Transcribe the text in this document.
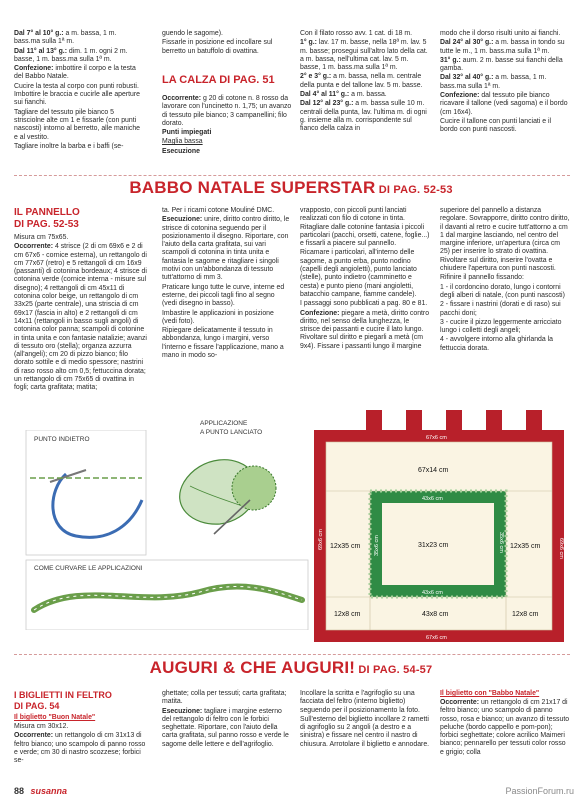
Dal 7° al 10° g.: a m. bassa, 1 m. bass.ma sulla 1ª m.

Dal 11° al 13° g.: dim. 1 m. ogni 2 m. basse, 1 m. bass.ma sulla 1ª m.

Confezione: imbottire il corpo e la testa del Babbo Natale.

Cucire la testa al corpo con punti robusti. Imbottire le braccia e cucirle alle aperture sui fianchi.

Tagliare del tessuto pile bianco 5 strisciolne alte cm 1 e fissarle (con punti nascosti) intorno al berretto, alle maniche e al vestito.

Tagliare inoltre la barba e i baffi (se-

guendo le sagome).

Fissarle in posizione ed incollare sul berretto un batuffolo di ovattina.

LA CALZA DI PAG. 51

Occorrente: g 20 di cotone n. 8 rosso da lavorare con l'uncinetto n. 1,75; un avanzo di tessuto pile bianco; 3 campanellini; filo dorato.

Punti impiegati

Maglia bassa

Esecuzione

Con il filato rosso avv. 1 cat. di 18 m.

1° g.: lav. 17 m. basse, nella 18ª m. lav. 5 m. basse; prosegui sull'altro lato della cat. a m. bassa, nell'ultima cat. lav. 5 m. basse, 1 m. bass.ma sulla 1ª m.

2° e 3° g.: a m. bassa, nella m. centrale della punta e del tallone lav. 5 m. basse.

Dal 4° al 11° g.: a m. bassa.

Dal 12° al 23° g.: a m. bassa sulle 10 m. centrali della punta, lav. l'ultima m. di ogni g. insieme alla m. corrispondente sul fianco della calza in

modo che il dorso risulti unito ai fianchi.

Dal 24° al 30° g.: a m. bassa in tondo su tutte le m., 1 m. bass.ma sulla 1ª m.

31° g.: aum. 2 m. basse sui fianchi della gamba.

Dal 32° al 40° g.: a m. bassa, 1 m. bass.ma sulla 1ª m.

Confezione: dal tessuto pile bianco ricavare il tallone (vedi sagoma) e il bordo (cm 16x4).

Cucire il tallone con punti lanciati e il bordo con punti nascosti.

BABBO NATALE SUPERSTAR DI PAG. 52-53
IL PANNELLO
DI PAG. 52-53

Misura cm 75x65.

Occorrente: 4 strisce (2 di cm 69x6 e 2 di cm 67x6 - cornice esterna), un rettangolo di cm 77x67 (retro) e 5 rettangoli di cm 16x9 (passanti) di cotonina bordeaux; 4 strisce di cotonina verde (cornice interna - misure sul disegno); 4 rettangoli di cm 45x11 di cotonina color beige, un rettangolo di cm 33x25 (parte centrale), una striscia di cm 69x17 (fascia in alto) e 2 rettangoli di cm 14x11 (rettangoli in basso sugli angoli) di cotonina color panna; scampoli di cotonine in tinta unita e con fantasie natalizie; avanzi di tessuto oro (stella); organza azzurra (all'angeli); cm 20 di pizzo bianco; filo dorato sottile e di medio spessore; nastrini di raso rosso alto cm 0,5; fettuccina dorata; un rettangolo di cm 75x65 di ovattina in fogli; carta grafitata; matita;

ta. Per i ricami cotone Mouliné DMC.

Esecuzione: unire, diritto contro diritto, le strisce di cotonina seguendo per il posizionamento il disegno. Riportare, con l'aiuto della carta grafitata, sui vari scampoli di cotonina in tinta unita e fantasia le sagome e ritagliare i singoli motivi con un'abbondanza di tessuto tutt'attorno di mm 3.

Praticare lungo tutte le curve, interne ed esterne, dei piccoli tagli fino al segno (vedi disegno in basso).

Imbastire le applicazioni in posizione (vedi foto).

Ripiegare delicatamente il tessuto in abbondanza, lungo i margini, verso l'interno e fissare l'applicazione, mano a mano in modo so-

vrapposto, con piccoli punti lanciati realizzati con filo di cotone in tinta. Ritagliare dalle cotonine fantasia i piccoli particolari (pacchi, orsetti, catene, foglie...) e fissarli a piacere sul pannello.

Ricamare i particolari, all'interno delle sagome, a punto erba, punto nodino (capelli degli angioletti), punto lanciato (stelle), punto indietro (camminetto e cesta) e punto pieno (mani angioletti, batacchio campane, fiamme candele).

I passaggi sono pubblicati a pag. 80 e 81.

Confezione: piegare a metà, diritto contro diritto, nel senso della lunghezza, le strisce dei passanti e cucire il lato lungo. Rivoltare sul diritto e piegarli a metà (cm 9x4). Fissare i passanti lungo il margine

superiore del pannello a distanza regolare. Sovrapporre, diritto contro diritto, il davanti al retro e cucire tutt'attorno a cm 1 dal margine lasciando, nel centro del margine inferiore, un'apertura (circa cm 25) per inserire lo strato di ovattina. Rivoltare sul diritto, inserire l'ovatta e chiudere l'apertura con punti nascosti.

Rifinire il pannello fissando:

1 - il cordoncino dorato, lungo i contorni degli alberi di natale, (con punti nascosti)

2 - fissare i nastrini (dorati e di raso) sui pacchi doni;

3 - cucire il pizzo leggermente arricciato lungo i colletti degli angeli;

4 - avvolgere intorno alla ghirlanda la fettuccia dorata.

PUNTO INDIETRO
APPLICAZIONE
A PUNTO LANCIATO
COME CURVARE LE APPLICAZIONI
67x6 cm
67x14 cm
43x6 cm
69x6 cm	69x6 cm
12x35 cm	12x35 cm
31x23 cm
35x6 cm	35x6 cm
43x6 cm
12x8 cm	43x8 cm	12x8 cm
67x6 cm
AUGURI & CHE AUGURI! DI PAG. 54-57
I BIGLIETTI IN FELTRO
DI PAG. 54
Il biglietto "Buon Natale"

Misura cm 30x12.

Occorrente: un rettangolo di cm 31x13 di feltro bianco; uno scampolo di panno rosso e verde; cm 30 di nastro scozzese; forbici se-

ghettate; colla per tessuti; carta grafitata; matita.

Esecuzione: tagliare i margine esterno del rettangolo di feltro con le forbici seghettate. Riportare, con l'aiuto della carta grafitata, sul panno rosso e verde le sagome delle lettere e dell'agrifoglio.

Incollare la scritta e l'agrifoglio su una facciata del feltro (interno biglietto) seguendo per il posizionamento la foto.

Sull'esterno del biglietto incollare 2 rametti di agrifoglio su 2 angoli (a destro e a sinistra) e fissare nel centro il nastro di chiusura. Arrotolare il biglietto e annodare.

Il biglietto con "Babbo Natale"

Occorrente: un rettangolo di cm 21x17 di feltro bianco; uno scampolo di panno rosso, rosa e bianco; un avanzo di tessuto peluche (bordo cappello e pom-pon); forbici seghettate; colore acrilico Maimeri bianco; pennarello per tessuti color rosso e grigio; colla

88 susanna	PassionForum.ru
